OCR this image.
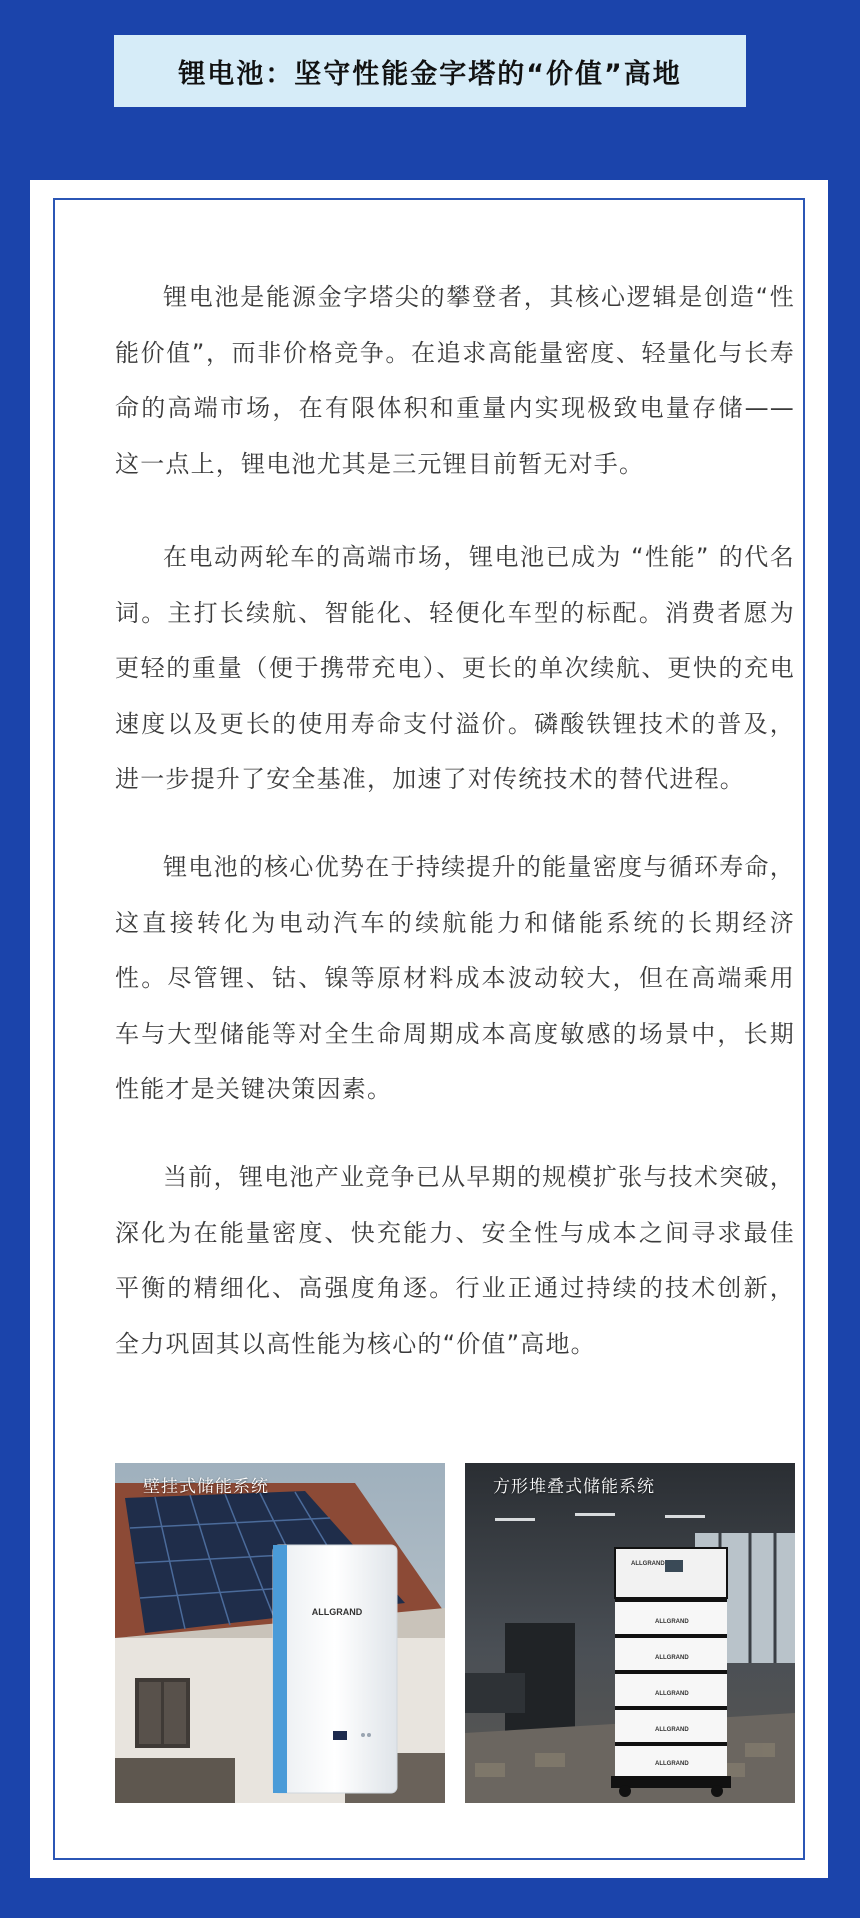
锂电池：坚守性能金字塔的“价值”高地

锂电池是能源金字塔尖的攀登者，其核心逻辑是创造“性能价值”，而非价格竞争。在追求高能量密度、轻量化与长寿命的高端市场，在有限体积和重量内实现极致电量存储—— 这一点上，锂电池尤其是三元锂目前暂无对手。

在电动两轮车的高端市场，锂电池已成为 “性能” 的代名词。主打长续航、智能化、轻便化车型的标配。消费者愿为更轻的重量（便于携带充电）、更长的单次续航、更快的充电速度以及更长的使用寿命支付溢价。磷酸铁锂技术的普及，进一步提升了安全基准，加速了对传统技术的替代进程。

锂电池的核心优势在于持续提升的能量密度与循环寿命，这直接转化为电动汽车的续航能力和储能系统的长期经济性。尽管锂、钴、镍等原材料成本波动较大，但在高端乘用车与大型储能等对全生命周期成本高度敏感的场景中，长期性能才是关键决策因素。

当前，锂电池产业竞争已从早期的规模扩张与技术突破，深化为在能量密度、快充能力、安全性与成本之间寻求最佳平衡的精细化、高强度角逐。行业正通过持续的技术创新，全力巩固其以高性能为核心的“价值”高地。

ALLGRAND
壁挂式储能系统
ALLGRAND
ALLGRAND
ALLGRAND
ALLGRAND
ALLGRAND
ALLGRAND
方形堆叠式储能系统
